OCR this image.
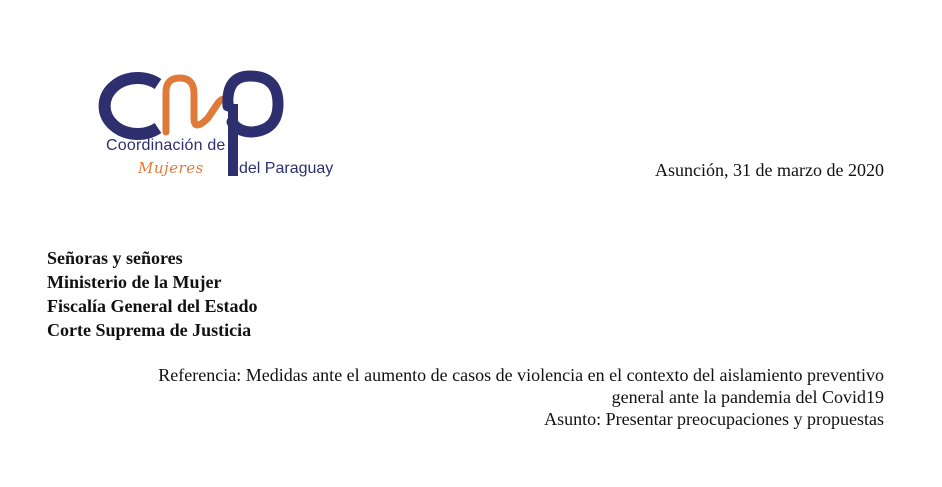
Coordinación de
Mujeres del Paraguay	Asunción, 31 de marzo de 2020
Señoras y señores
Ministerio de la Mujer
Fiscalía General del Estado
Corte Suprema de Justicia
Referencia: Medidas ante el aumento de casos de violencia en el contexto del aislamiento preventivo
general ante la pandemia del Covid19
Asunto: Presentar preocupaciones y propuestas
